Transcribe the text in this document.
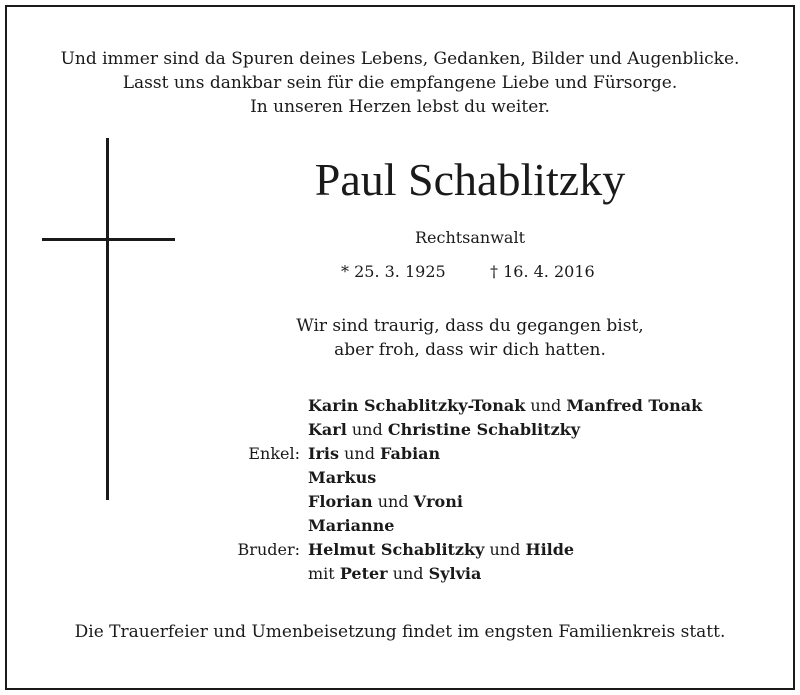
Und immer sind da Spuren deines Lebens, Gedanken, Bilder und Augenblicke.
Lasst uns dankbar sein für die empfangene Liebe und Fürsorge.
In unseren Herzen lebst du weiter.
Paul Schablitzky
Rechtsanwalt
* 25. 3. 1925	† 16. 4. 2016
Wir sind traurig, dass du gegangen bist,
aber froh, dass wir dich hatten.
Karin Schablitzky-Tonak und Manfred Tonak
Karl und Christine Schablitzky
Enkel: Iris und Fabian
Markus
Florian und Vroni
Marianne
Bruder: Helmut Schablitzky und Hilde
mit Peter und Sylvia
Die Trauerfeier und Umenbeisetzung findet im engsten Familienkreis statt.
